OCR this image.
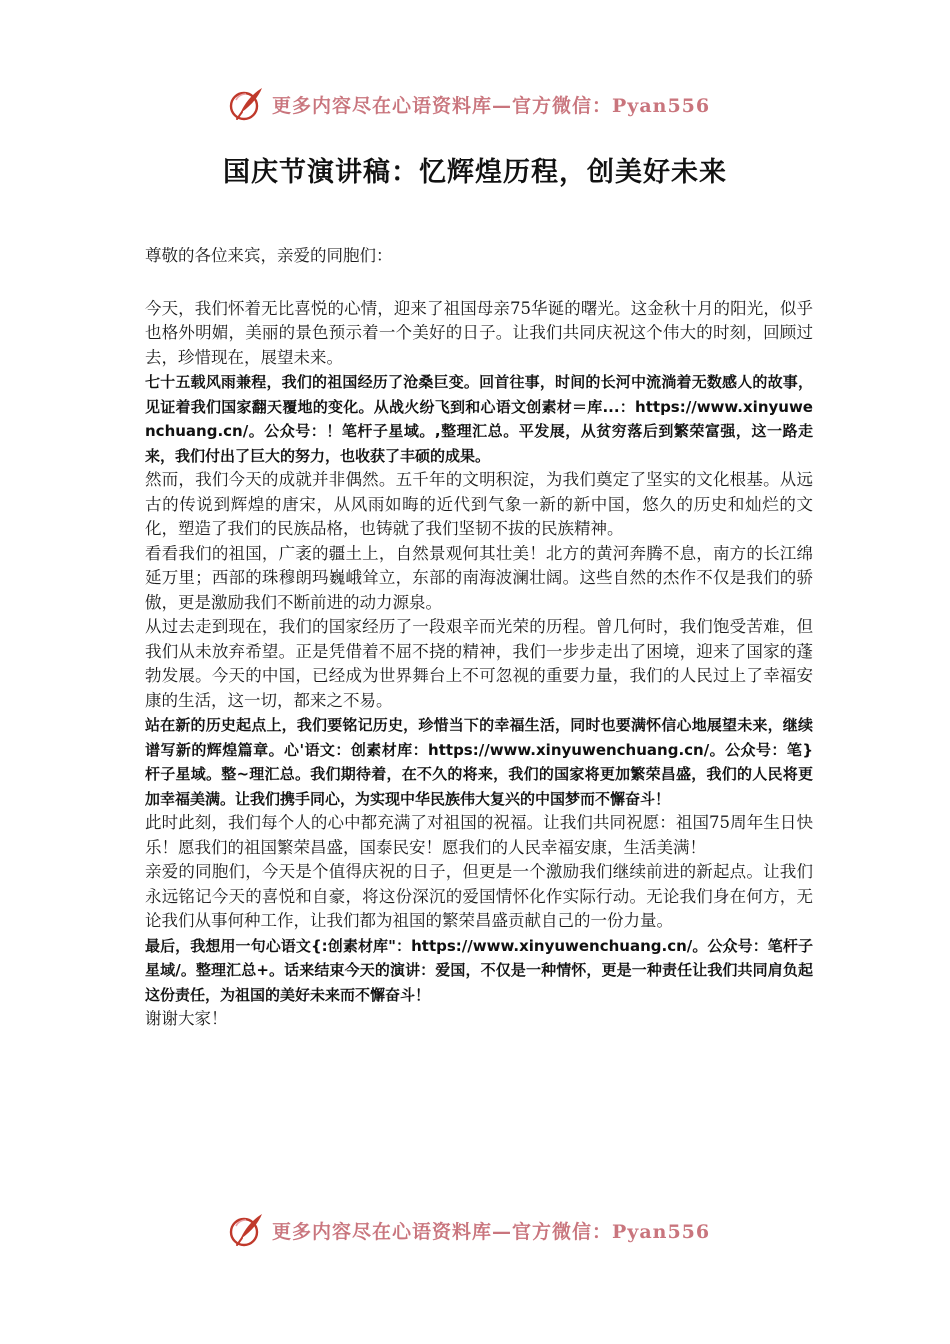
更多内容尽在心语资料库—官方微信：Pyan556
国庆节演讲稿：忆辉煌历程，创美好未来

尊敬的各位来宾，亲爱的同胞们：

今天，我们怀着无比喜悦的心情，迎来了祖国母亲75华诞的曙光。这金秋十月的阳光，似乎也格外明媚，美丽的景色预示着一个美好的日子。让我们共同庆祝这个伟大的时刻，回顾过去，珍惜现在，展望未来。

七十五载风雨兼程，我们的祖国经历了沧桑巨变。回首往事，时间的长河中流淌着无数感人的故事，见证着我们国家翻天覆地的变化。从战火纷飞到和心语文创素材＝库...：https://www.xinyuwenchuang.cn/。公众号：！笔杆子星域。,整理汇总。平发展，从贫穷落后到繁荣富强，这一路走来，我们付出了巨大的努力，也收获了丰硕的成果。

然而，我们今天的成就并非偶然。五千年的文明积淀，为我们奠定了坚实的文化根基。从远古的传说到辉煌的唐宋，从风雨如晦的近代到气象一新的新中国，悠久的历史和灿烂的文化，塑造了我们的民族品格，也铸就了我们坚韧不拔的民族精神。

看看我们的祖国，广袤的疆土上，自然景观何其壮美！北方的黄河奔腾不息，南方的长江绵延万里；西部的珠穆朗玛巍峨耸立，东部的南海波澜壮阔。这些自然的杰作不仅是我们的骄傲，更是激励我们不断前进的动力源泉。

从过去走到现在，我们的国家经历了一段艰辛而光荣的历程。曾几何时，我们饱受苦难，但我们从未放弃希望。正是凭借着不屈不挠的精神，我们一步步走出了困境，迎来了国家的蓬勃发展。今天的中国，已经成为世界舞台上不可忽视的重要力量，我们的人民过上了幸福安康的生活，这一切，都来之不易。

站在新的历史起点上，我们要铭记历史，珍惜当下的幸福生活，同时也要满怀信心地展望未来，继续谱写新的辉煌篇章。心'语文：创素材库：https://www.xinyuwenchuang.cn/。公众号：笔}杆子星域。整~理汇总。我们期待着，在不久的将来，我们的国家将更加繁荣昌盛，我们的人民将更加幸福美满。让我们携手同心，为实现中华民族伟大复兴的中国梦而不懈奋斗！

此时此刻，我们每个人的心中都充满了对祖国的祝福。让我们共同祝愿：祖国75周年生日快乐！愿我们的祖国繁荣昌盛，国泰民安！愿我们的人民幸福安康，生活美满！

亲爱的同胞们，今天是个值得庆祝的日子，但更是一个激励我们继续前进的新起点。让我们永远铭记今天的喜悦和自豪，将这份深沉的爱国情怀化作实际行动。无论我们身在何方，无论我们从事何种工作，让我们都为祖国的繁荣昌盛贡献自己的一份力量。

最后，我想用一句心语文{:创素材库"：https://www.xinyuwenchuang.cn/。公众号：笔杆子星域/。整理汇总+。话来结束今天的演讲：爱国，不仅是一种情怀，更是一种责任让我们共同肩负起这份责任，为祖国的美好未来而不懈奋斗！

谢谢大家！

更多内容尽在心语资料库—官方微信：Pyan556
